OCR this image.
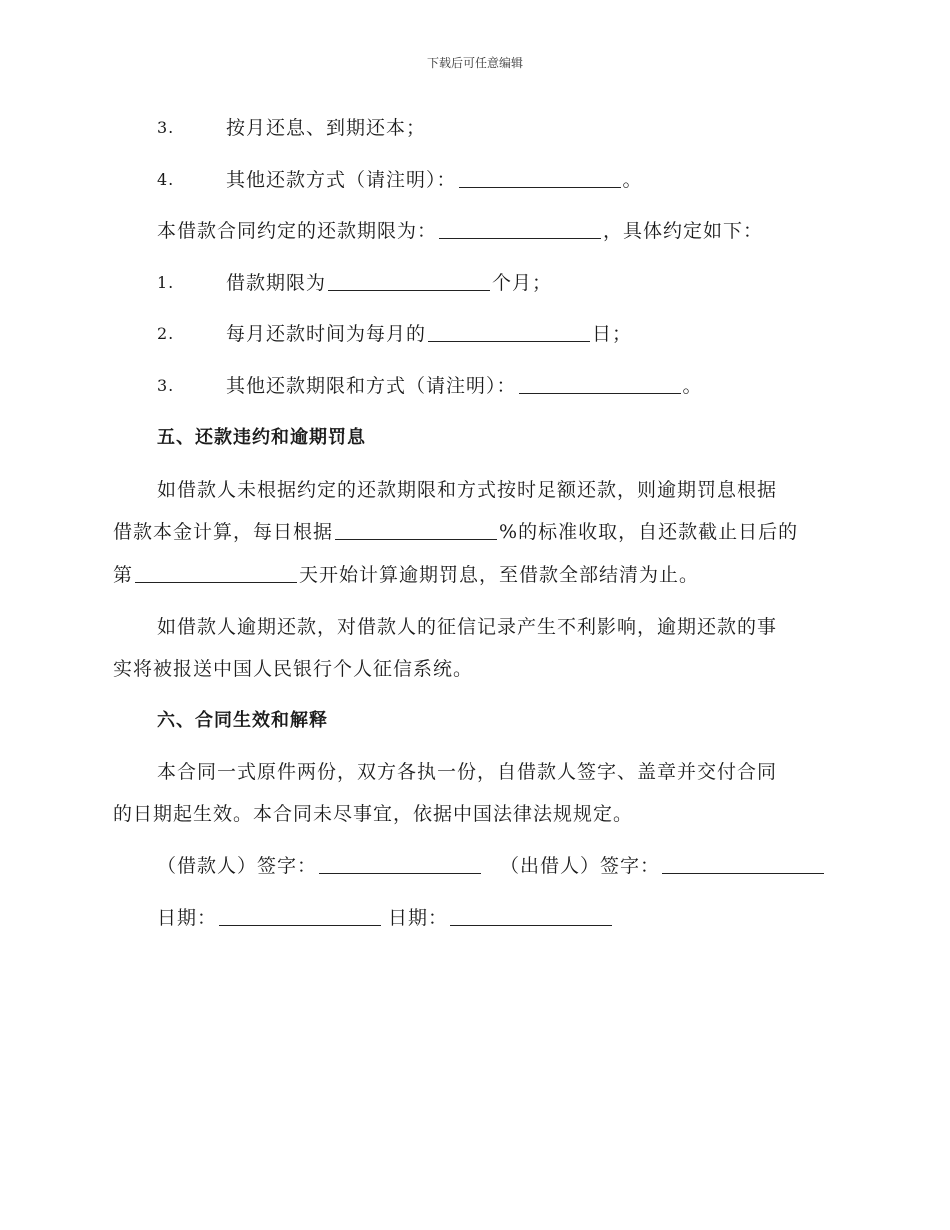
下载后可任意编辑
3.	按月还息、到期还本；
4.	其他还款方式（请注明）：	。
本借款合同约定的还款期限为：	，具体约定如下：
1.	借款期限为	个月；
2.	每月还款时间为每月的	日；
3.	其他还款期限和方式（请注明）：	。
五、还款违约和逾期罚息
如借款人未根据约定的还款期限和方式按时足额还款，则逾期罚息根据
借款本金计算，每日根据	%的标准收取，自还款截止日后的
第	天开始计算逾期罚息，至借款全部结清为止。
如借款人逾期还款，对借款人的征信记录产生不利影响，逾期还款的事
实将被报送中国人民银行个人征信系统。
六、合同生效和解释
本合同一式原件两份，双方各执一份，自借款人签字、盖章并交付合同
的日期起生效。本合同未尽事宜，依据中国法律法规规定。
（借款人）签字：	（出借人）签字：
日期：	日期：
